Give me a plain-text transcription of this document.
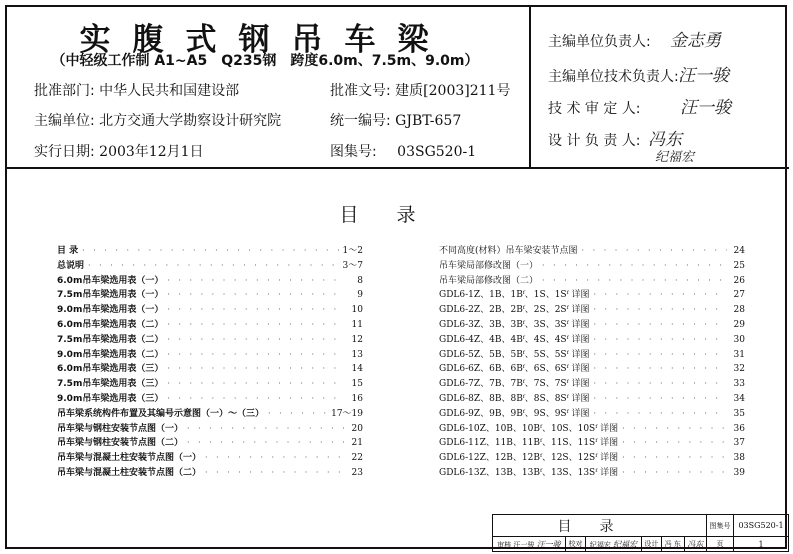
实腹式钢吊车梁
（中轻级工作制 A1~A5　Q235钢　跨度6.0m、7.5m、9.0m）
批准部门: 中华人民共和国建设部	批准文号: 建质[2003]211号
主编单位: 北方交通大学勘察设计研究院	统一编号: GJBT-657
实行日期: 2003年12月1日	图集号: 03SG520-1
主编单位负责人: 金志勇
主编单位技术负责人: 汪一骏
技 术 审 定 人: 汪一骏
设 计 负 责 人: 冯东
纪福宏
目录
目 录 · · ·	1～2
总说明 · · ·	3～7
6.0m吊车梁选用表（一） · · ·	8
7.5m吊车梁选用表（一） · · ·	9
9.0m吊车梁选用表（一） · · ·	10
6.0m吊车梁选用表（二） · · ·	11
7.5m吊车梁选用表（二） · · ·	12
9.0m吊车梁选用表（二） · · ·	13
6.0m吊车梁选用表（三） · · ·	14
7.5m吊车梁选用表（三） · · ·	15
9.0m吊车梁选用表（三） · · ·	16
吊车梁系统构件布置及其编号示意图（一）～（三） · · ·	17～19
吊车梁与钢柱安装节点图（一） · · ·	20
吊车梁与钢柱安装节点图（二） · · ·	21
吊车梁与混凝土柱安装节点图（一） · · ·	22
吊车梁与混凝土柱安装节点图（二） · · ·	23
不同高度(材料）吊车梁安装节点图 · · ·	24
吊车梁局部修改图（一） · · ·	25
吊车梁局部修改图（二） · · ·	26
GDL6-1Z、1B、1Bᶠ、1S、1Sᶠ 详图 · · ·	27
GDL6-2Z、2B、2Bᶠ、2S、2Sᶠ 详图 · · ·	28
GDL6-3Z、3B、3Bᶠ、3S、3Sᶠ 详图 · · ·	29
GDL6-4Z、4B、4Bᶠ、4S、4Sᶠ 详图 · · ·	30
GDL6-5Z、5B、5Bᶠ、5S、5Sᶠ 详图 · · ·	31
GDL6-6Z、6B、6Bᶠ、6S、6Sᶠ 详图 · · ·	32
GDL6-7Z、7B、7Bᶠ、7S、7Sᶠ 详图 · · ·	33
GDL6-8Z、8B、8Bᶠ、8S、8Sᶠ 详图 · · ·	34
GDL6-9Z、9B、9Bᶠ、9S、9Sᶠ 详图 · · ·	35
GDL6-10Z、10B、10Bᶠ、10S、10Sᶠ 详图 · · ·	36
GDL6-11Z、11B、11Bᶠ、11S、11Sᶠ 详图 · · ·	37
GDL6-12Z、12B、12Bᶠ、12S、12Sᶠ 详图 · · ·	38
GDL6-13Z、13B、13Bᶠ、13S、13Sᶠ 详图 · · ·	39
目录						图集号	03SG520-1
审核 汪一骏 汪一骏	校对	纪福宏 纪福宏	设计	冯 东	冯东	页	1
